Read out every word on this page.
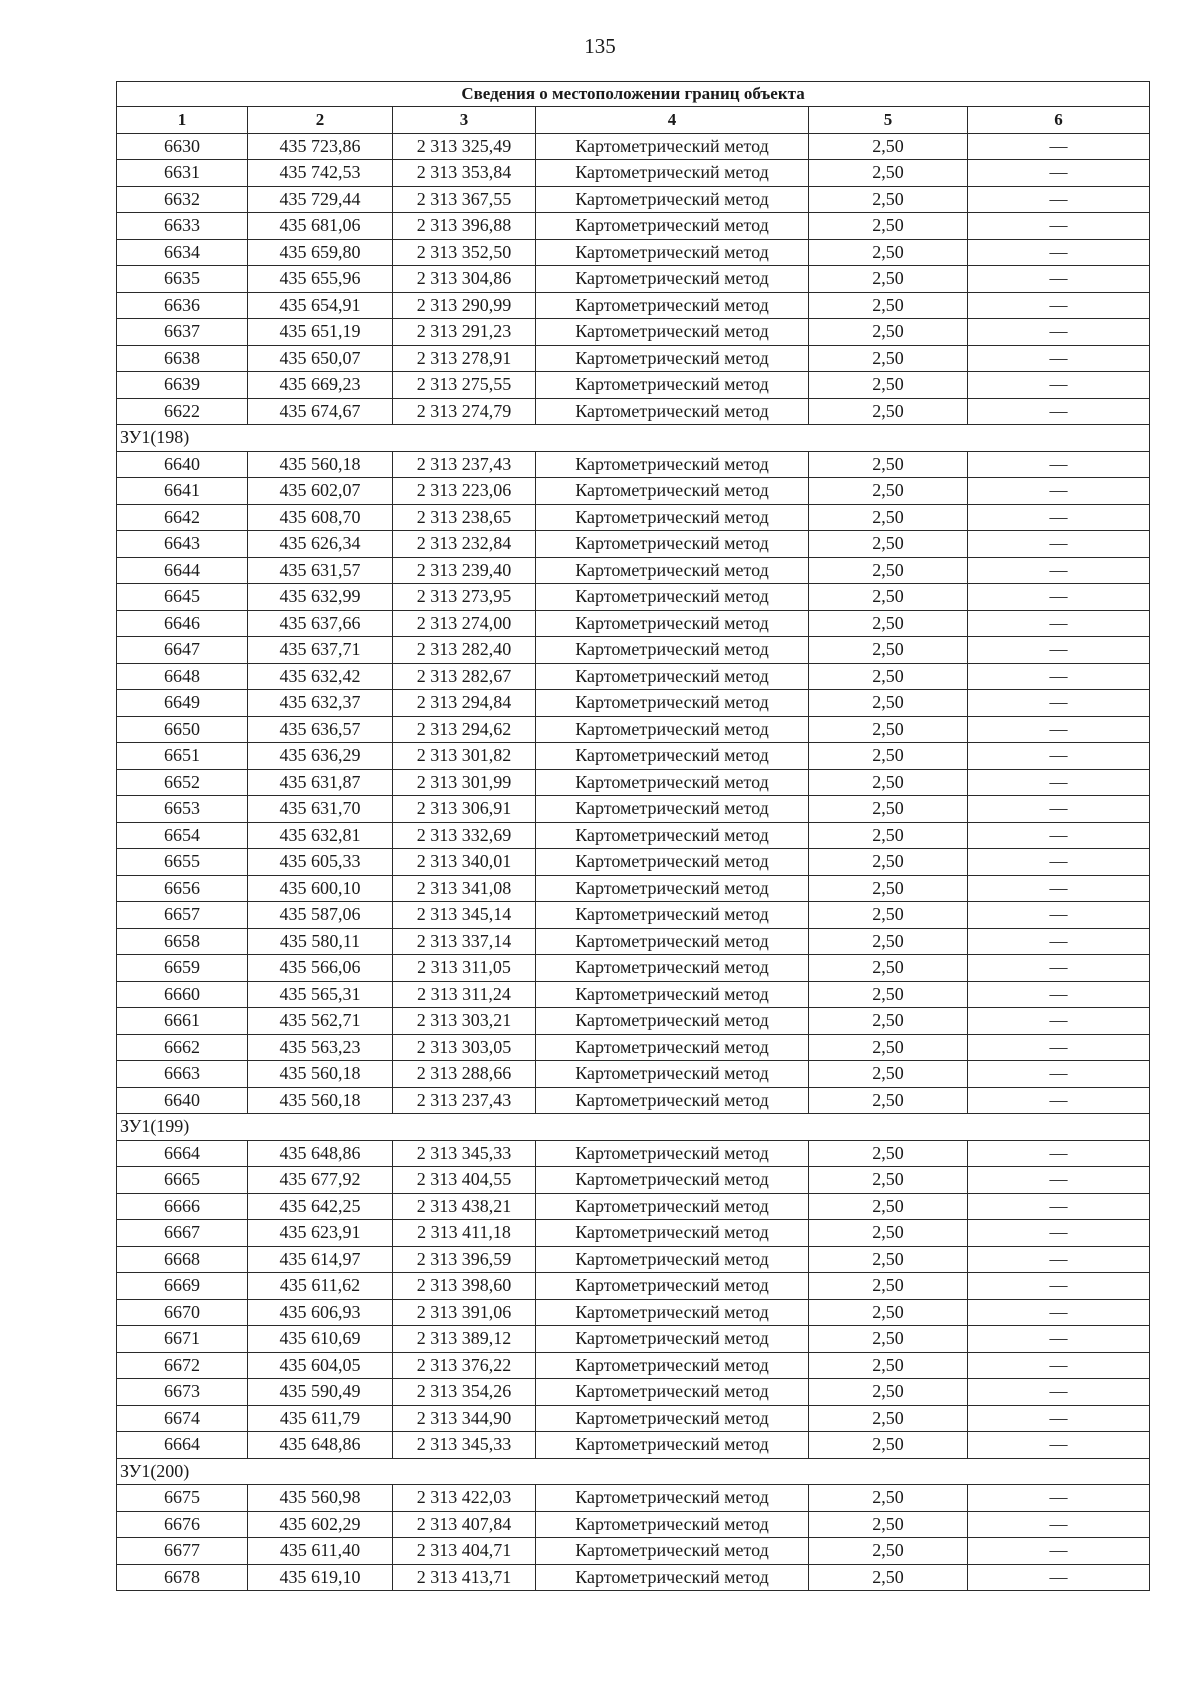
135
Сведения о местоположении границ объекта					
1	2	3	4	5	6
6630	435 723,86	2 313 325,49	Картометрический метод	2,50	—
6631	435 742,53	2 313 353,84	Картометрический метод	2,50	—
6632	435 729,44	2 313 367,55	Картометрический метод	2,50	—
6633	435 681,06	2 313 396,88	Картометрический метод	2,50	—
6634	435 659,80	2 313 352,50	Картометрический метод	2,50	—
6635	435 655,96	2 313 304,86	Картометрический метод	2,50	—
6636	435 654,91	2 313 290,99	Картометрический метод	2,50	—
6637	435 651,19	2 313 291,23	Картометрический метод	2,50	—
6638	435 650,07	2 313 278,91	Картометрический метод	2,50	—
6639	435 669,23	2 313 275,55	Картометрический метод	2,50	—
6622	435 674,67	2 313 274,79	Картометрический метод	2,50	—
ЗУ1(198)					
6640	435 560,18	2 313 237,43	Картометрический метод	2,50	—
6641	435 602,07	2 313 223,06	Картометрический метод	2,50	—
6642	435 608,70	2 313 238,65	Картометрический метод	2,50	—
6643	435 626,34	2 313 232,84	Картометрический метод	2,50	—
6644	435 631,57	2 313 239,40	Картометрический метод	2,50	—
6645	435 632,99	2 313 273,95	Картометрический метод	2,50	—
6646	435 637,66	2 313 274,00	Картометрический метод	2,50	—
6647	435 637,71	2 313 282,40	Картометрический метод	2,50	—
6648	435 632,42	2 313 282,67	Картометрический метод	2,50	—
6649	435 632,37	2 313 294,84	Картометрический метод	2,50	—
6650	435 636,57	2 313 294,62	Картометрический метод	2,50	—
6651	435 636,29	2 313 301,82	Картометрический метод	2,50	—
6652	435 631,87	2 313 301,99	Картометрический метод	2,50	—
6653	435 631,70	2 313 306,91	Картометрический метод	2,50	—
6654	435 632,81	2 313 332,69	Картометрический метод	2,50	—
6655	435 605,33	2 313 340,01	Картометрический метод	2,50	—
6656	435 600,10	2 313 341,08	Картометрический метод	2,50	—
6657	435 587,06	2 313 345,14	Картометрический метод	2,50	—
6658	435 580,11	2 313 337,14	Картометрический метод	2,50	—
6659	435 566,06	2 313 311,05	Картометрический метод	2,50	—
6660	435 565,31	2 313 311,24	Картометрический метод	2,50	—
6661	435 562,71	2 313 303,21	Картометрический метод	2,50	—
6662	435 563,23	2 313 303,05	Картометрический метод	2,50	—
6663	435 560,18	2 313 288,66	Картометрический метод	2,50	—
6640	435 560,18	2 313 237,43	Картометрический метод	2,50	—
ЗУ1(199)					
6664	435 648,86	2 313 345,33	Картометрический метод	2,50	—
6665	435 677,92	2 313 404,55	Картометрический метод	2,50	—
6666	435 642,25	2 313 438,21	Картометрический метод	2,50	—
6667	435 623,91	2 313 411,18	Картометрический метод	2,50	—
6668	435 614,97	2 313 396,59	Картометрический метод	2,50	—
6669	435 611,62	2 313 398,60	Картометрический метод	2,50	—
6670	435 606,93	2 313 391,06	Картометрический метод	2,50	—
6671	435 610,69	2 313 389,12	Картометрический метод	2,50	—
6672	435 604,05	2 313 376,22	Картометрический метод	2,50	—
6673	435 590,49	2 313 354,26	Картометрический метод	2,50	—
6674	435 611,79	2 313 344,90	Картометрический метод	2,50	—
6664	435 648,86	2 313 345,33	Картометрический метод	2,50	—
ЗУ1(200)					
6675	435 560,98	2 313 422,03	Картометрический метод	2,50	—
6676	435 602,29	2 313 407,84	Картометрический метод	2,50	—
6677	435 611,40	2 313 404,71	Картометрический метод	2,50	—
6678	435 619,10	2 313 413,71	Картометрический метод	2,50	—
